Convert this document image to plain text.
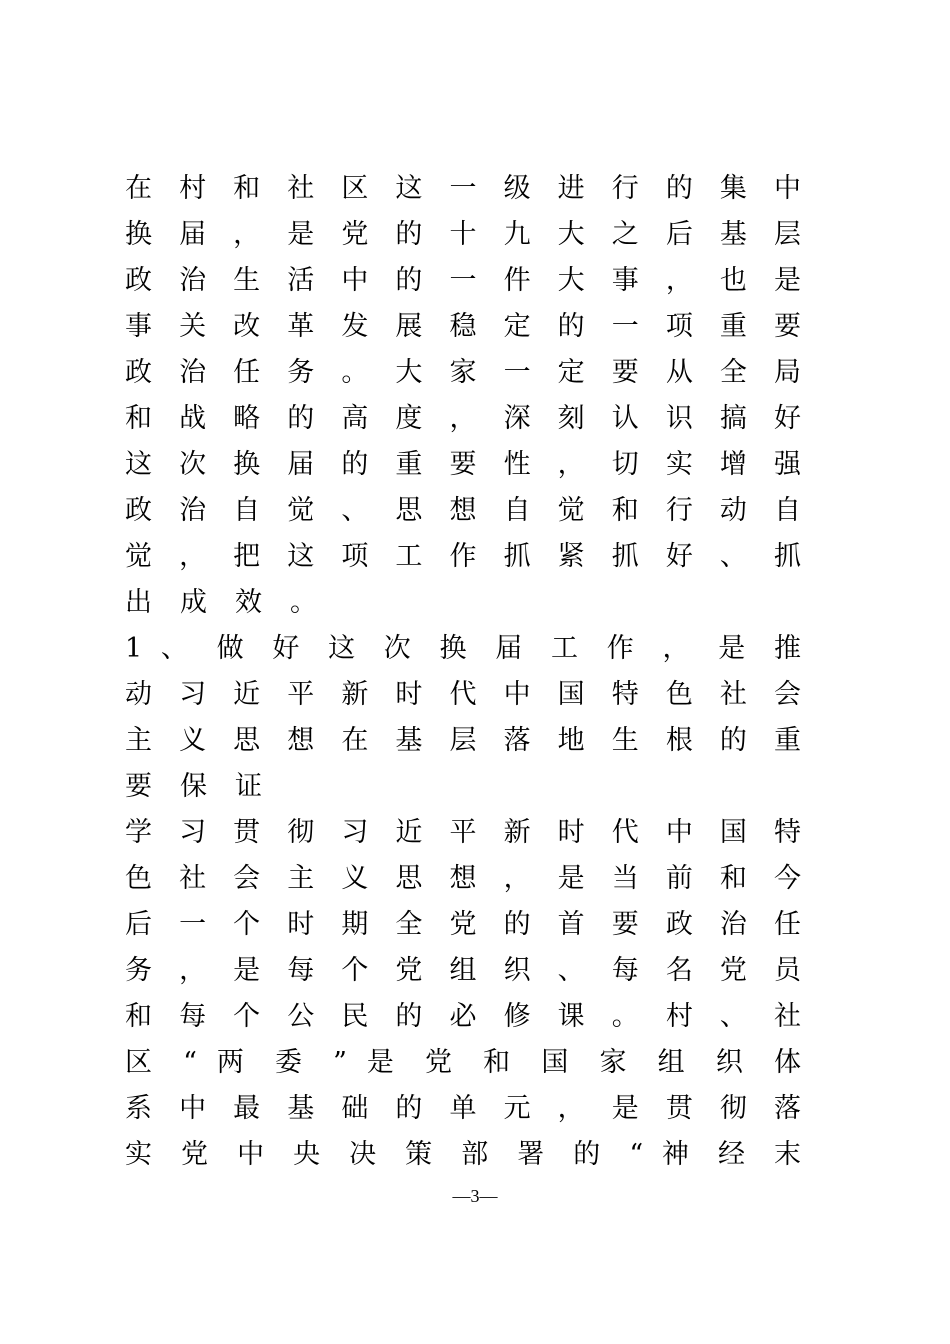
在 村 和 社 区 这 一 级 进 行 的 集 中
换 届 ， 是 党 的 十 九 大 之 后 基 层
政 治 生 活 中 的 一 件 大 事 ， 也 是
事 关 改 革 发 展 稳 定 的 一 项 重 要
政 治 任 务 。 大 家 一 定 要 从 全 局
和 战 略 的 高 度 ， 深 刻 认 识 搞 好
这 次 换 届 的 重 要 性 ， 切 实 增 强
政 治 自 觉 、 思 想 自 觉 和 行 动 自
觉 ， 把 这 项 工 作 抓 紧 抓 好 、 抓
出成效。
1 、 做 好 这 次 换 届 工 作 ， 是 推
动 习 近 平 新 时 代 中 国 特 色 社 会
主 义 思 想 在 基 层 落 地 生 根 的 重
要保证
学 习 贯 彻 习 近 平 新 时 代 中 国 特
色 社 会 主 义 思 想 ， 是 当 前 和 今
后 一 个 时 期 全 党 的 首 要 政 治 任
务 ， 是 每 个 党 组 织 、 每 名 党 员
和 每 个 公 民 的 必 修 课 。 村 、 社
区 “ 两 委 ” 是 党 和 国 家 组 织 体
系 中 最 基 础 的 单 元 ， 是 贯 彻 落
实 党 中 央 决 策 部 署 的 “ 神 经 末
—3—
